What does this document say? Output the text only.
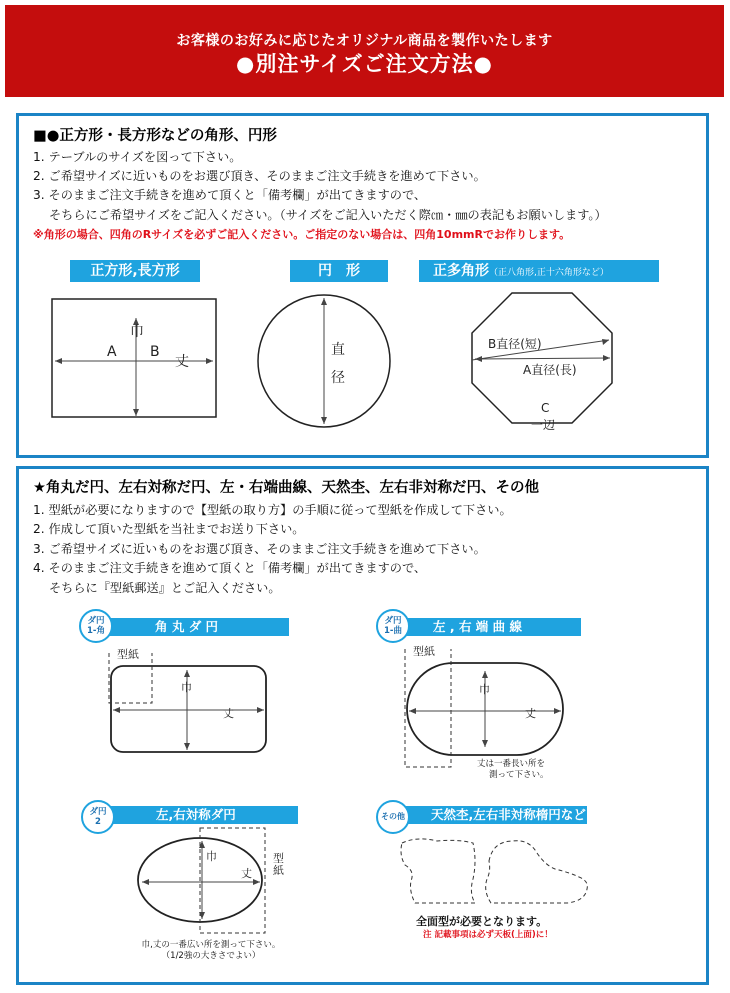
お客様のお好みに応じたオリジナル商品を製作いたします
●別注サイズご注文方法●
■●正方形・長方形などの角形、円形
1. テーブルのサイズを図って下さい。
2. ご希望サイズに近いものをお選び頂き、そのままご注文手続きを進めて下さい。
3. そのままご注文手続きを進めて頂くと「備考欄」が出てきますので、
そちらにご希望サイズをご記入ください。（サイズをご記入いただく際㎝・㎜の表記もお願いします。）
※角形の場合、四角のRサイズを必ずご記入ください。ご指定のない場合は、四角10mmRでお作りします。
正方形,長方形	円　形	正多角形（正八角形,正十六角形など）
巾
A B
丈
直
径
B直径(短)
A直径(長)
C
一辺
★角丸だ円、左右対称だ円、左・右端曲線、天然杢、左右非対称だ円、その他
1. 型紙が必要になりますので【型紙の取り方】の手順に従って型紙を作成して下さい。
2. 作成して頂いた型紙を当社までお送り下さい。
3. ご希望サイズに近いものをお選び頂き、そのままご注文手続きを進めて下さい。
4. そのままご注文手続きを進めて頂くと「備考欄」が出てきますので、
そちらに『型紙郵送』とご記入ください。
角 丸 ダ 円
ダ円
1-角
型紙
巾
丈
左 , 右 端 曲 線
ダ円
1-曲
型紙
巾
丈
丈は一番長い所を
測って下さい。
左,右対称ダ円
ダ円
2
巾
丈
型紙
巾,丈の一番広い所を測って下さい。
（1/2強の大きさでよい）
天然杢,左右非対称楕円など
その他
全面型が必要となります。
注 記載事項は必ず天板(上面)に！
